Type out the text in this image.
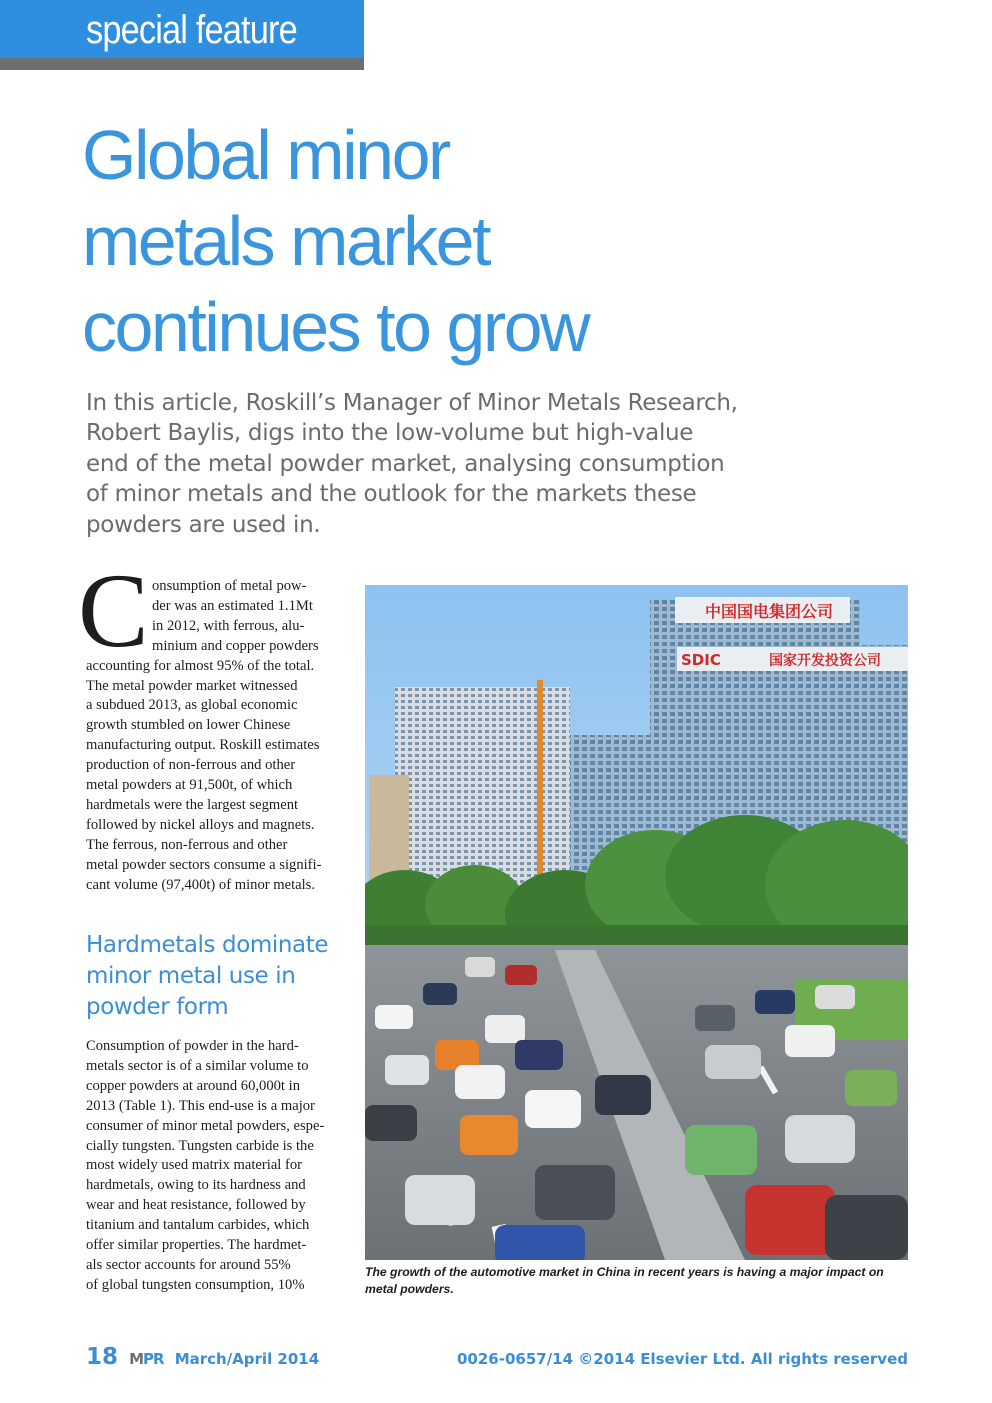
special feature
Global minor
metals market
continues to grow
In this article, Roskill’s Manager of Minor Metals Research,
Robert Baylis, digs into the low-volume but high-value
end of the metal powder market, analysing consumption
of minor metals and the outlook for the markets these
powders are used in.
C onsumption of metal pow-
der was an estimated 1.1Mt
in 2012, with ferrous, alu-
minium and copper powders
accounting for almost 95% of the total.
The metal powder market witnessed
a subdued 2013, as global economic
growth stumbled on lower Chinese
manufacturing output. Roskill estimates
production of non-ferrous and other
metal powders at 91,500t, of which
hardmetals were the largest segment
followed by nickel alloys and magnets.
The ferrous, non-ferrous and other
metal powder sectors consume a signifi-
cant volume (97,400t) of minor metals.
Hardmetals dominate
minor metal use in
powder form
Consumption of powder in the hard-
metals sector is of a similar volume to
copper powders at around 60,000t in
2013 (Table 1). This end-use is a major
consumer of minor metal powders, espe-
cially tungsten. Tungsten carbide is the
most widely used matrix material for
hardmetals, owing to its hardness and
wear and heat resistance, followed by
titanium and tantalum carbides, which
offer similar properties. The hardmet-
als sector accounts for around 55%
of global tungsten consumption, 10%
中国国电集团公司
SDIC	国家开发投资公司
The growth of the automotive market in China in recent years is having a major impact on
metal powders.
18 MPR March/April 2014	0026-0657/14 ©2014 Elsevier Ltd. All rights reserved
